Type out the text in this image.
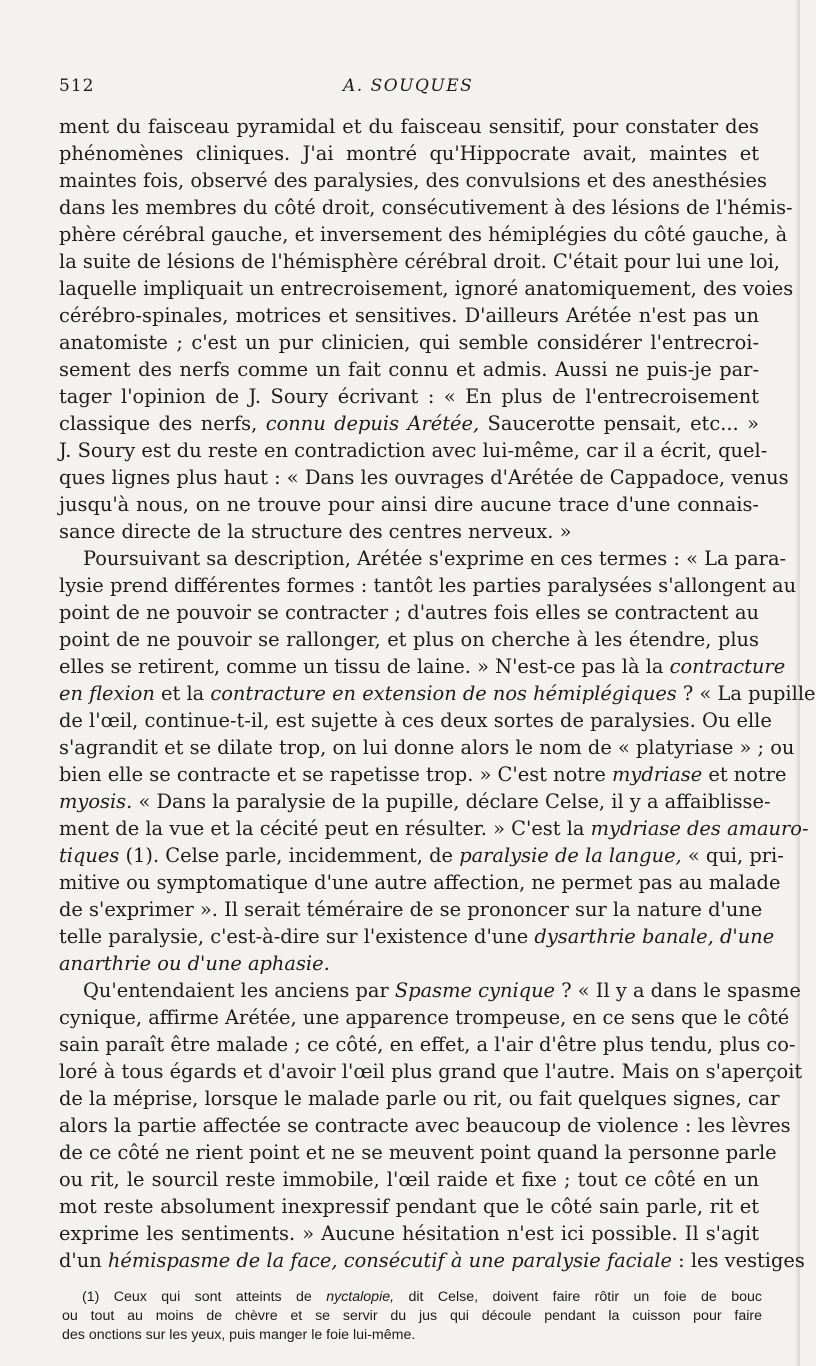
512	A. SOUQUES
ment du faisceau pyramidal et du faisceau sensitif, pour constater des
phénomènes cliniques. J'ai montré qu'Hippocrate avait, maintes et
maintes fois, observé des paralysies, des convulsions et des anesthésies
dans les membres du côté droit, consécutivement à des lésions de l'hémis-
phère cérébral gauche, et inversement des hémiplégies du côté gauche, à
la suite de lésions de l'hémisphère cérébral droit. C'était pour lui une loi,
laquelle impliquait un entrecroisement, ignoré anatomiquement, des voies
cérébro-spinales, motrices et sensitives. D'ailleurs Arétée n'est pas un
anatomiste ; c'est un pur clinicien, qui semble considérer l'entrecroi-
sement des nerfs comme un fait connu et admis. Aussi ne puis-je par-
tager l'opinion de J. Soury écrivant : « En plus de l'entrecroisement
classique des nerfs, connu depuis Arétée, Saucerotte pensait, etc... »
J. Soury est du reste en contradiction avec lui-même, car il a écrit, quel-
ques lignes plus haut : « Dans les ouvrages d'Arétée de Cappadoce, venus
jusqu'à nous, on ne trouve pour ainsi dire aucune trace d'une connais-
sance directe de la structure des centres nerveux. »
Poursuivant sa description, Arétée s'exprime en ces termes : « La para-
lysie prend différentes formes : tantôt les parties paralysées s'allongent au
point de ne pouvoir se contracter ; d'autres fois elles se contractent au
point de ne pouvoir se rallonger, et plus on cherche à les étendre, plus
elles se retirent, comme un tissu de laine. » N'est-ce pas là la contracture
en flexion et la contracture en extension de nos hémiplégiques ? « La pupille
de l'œil, continue-t-il, est sujette à ces deux sortes de paralysies. Ou elle
s'agrandit et se dilate trop, on lui donne alors le nom de « platyriase » ; ou
bien elle se contracte et se rapetisse trop. » C'est notre mydriase et notre
myosis. « Dans la paralysie de la pupille, déclare Celse, il y a affaiblisse-
ment de la vue et la cécité peut en résulter. » C'est la mydriase des amauro-
tiques (1). Celse parle, incidemment, de paralysie de la langue, « qui, pri-
mitive ou symptomatique d'une autre affection, ne permet pas au malade
de s'exprimer ». Il serait téméraire de se prononcer sur la nature d'une
telle paralysie, c'est-à-dire sur l'existence d'une dysarthrie banale, d'une
anarthrie ou d'une aphasie.
Qu'entendaient les anciens par Spasme cynique ? « Il y a dans le spasme
cynique, affirme Arétée, une apparence trompeuse, en ce sens que le côté
sain paraît être malade ; ce côté, en effet, a l'air d'être plus tendu, plus co-
loré à tous égards et d'avoir l'œil plus grand que l'autre. Mais on s'aperçoit
de la méprise, lorsque le malade parle ou rit, ou fait quelques signes, car
alors la partie affectée se contracte avec beaucoup de violence : les lèvres
de ce côté ne rient point et ne se meuvent point quand la personne parle
ou rit, le sourcil reste immobile, l'œil raide et fixe ; tout ce côté en un
mot reste absolument inexpressif pendant que le côté sain parle, rit et
exprime les sentiments. » Aucune hésitation n'est ici possible. Il s'agit
d'un hémispasme de la face, consécutif à une paralysie faciale : les vestiges
(1) Ceux qui sont atteints de nyctalopie, dit Celse, doivent faire rôtir un foie de bouc
ou tout au moins de chèvre et se servir du jus qui découle pendant la cuisson pour faire
des onctions sur les yeux, puis manger le foie lui-même.
